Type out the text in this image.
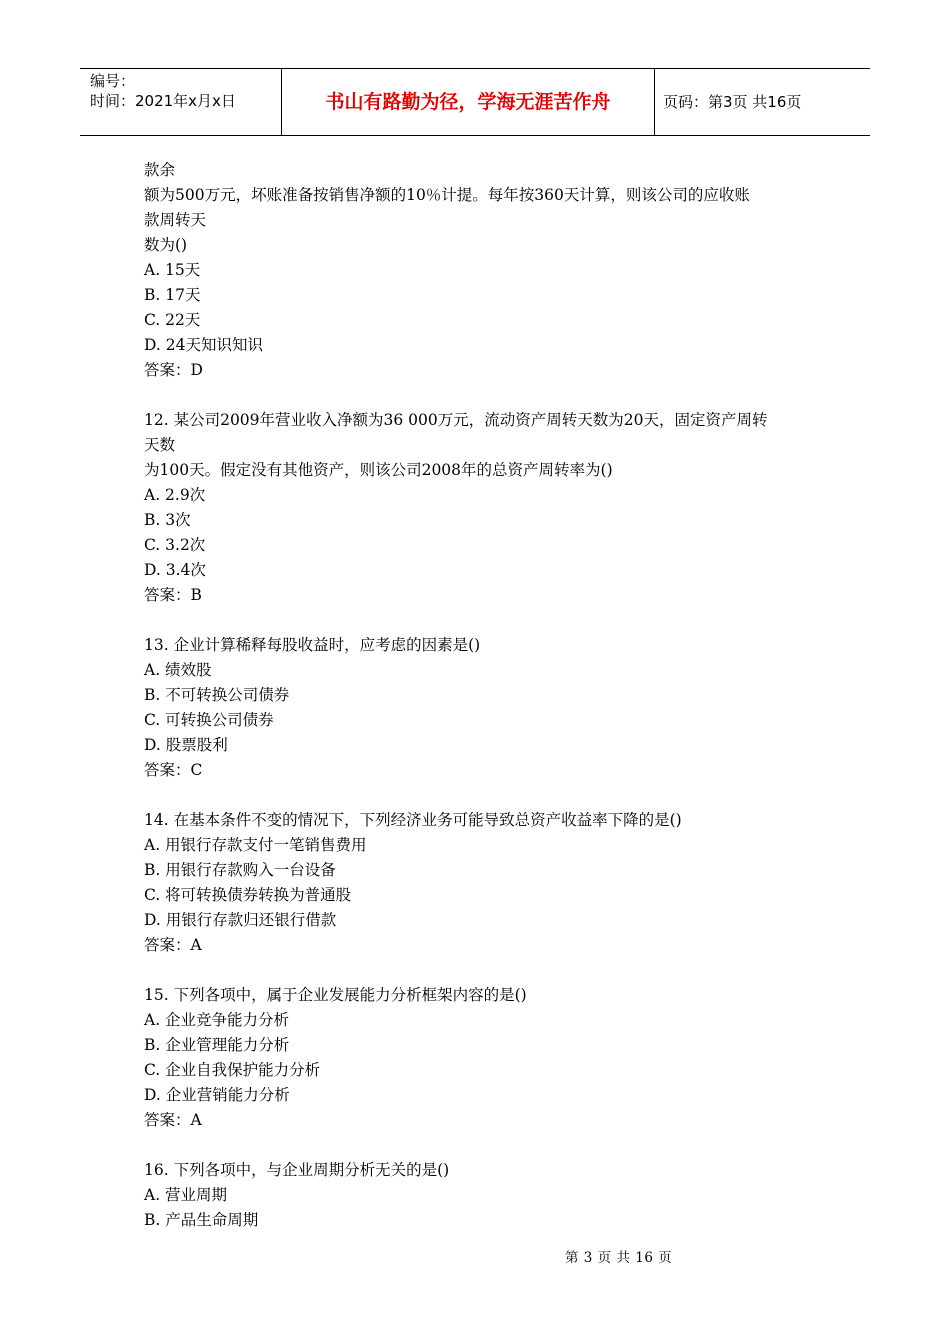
编号：
时间：2021年x月x日	书山有路勤为径，学海无涯苦作舟	页码：第3页 共16页

款余

额为500万元，坏账准备按销售净额的10％计提。每年按360天计算，则该公司的应收账

款周转天

数为()

A. 15天

B. 17天

C. 22天

D. 24天知识知识

答案：D

12. 某公司2009年营业收入净额为36 000万元，流动资产周转天数为20天，固定资产周转

天数

为100天。假定没有其他资产，则该公司2008年的总资产周转率为()

A. 2.9次

B. 3次

C. 3.2次

D. 3.4次

答案：B

13. 企业计算稀释每股收益时，应考虑的因素是()

A. 绩效股

B. 不可转换公司债券

C. 可转换公司债券

D. 股票股利

答案：C

14. 在基本条件不变的情况下，下列经济业务可能导致总资产收益率下降的是()

A. 用银行存款支付一笔销售费用

B. 用银行存款购入一台设备

C. 将可转换债券转换为普通股

D. 用银行存款归还银行借款

答案：A

15. 下列各项中，属于企业发展能力分析框架内容的是()

A. 企业竞争能力分析

B. 企业管理能力分析

C. 企业自我保护能力分析

D. 企业营销能力分析

答案：A

16. 下列各项中，与企业周期分析无关的是()

A. 营业周期

B. 产品生命周期

第 3 页 共 16 页
